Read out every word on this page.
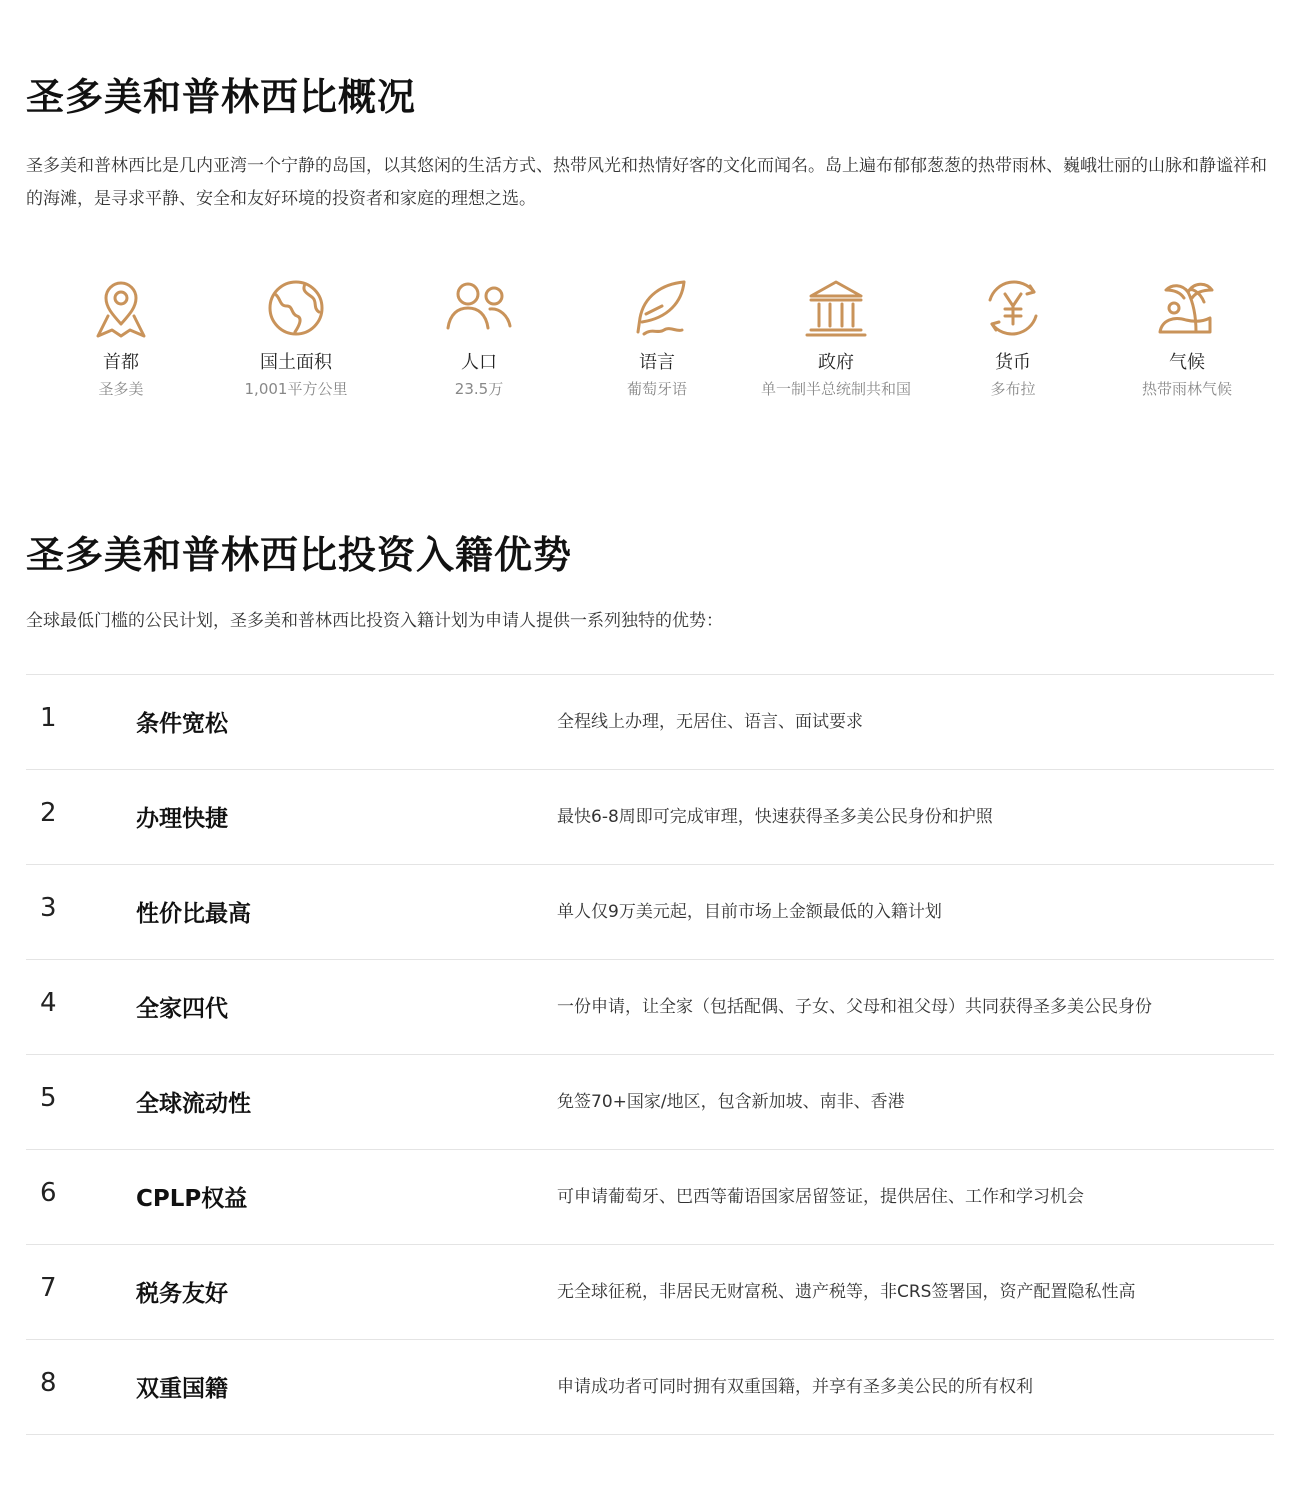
圣多美和普林西比概况

圣多美和普林西比是几内亚湾一个宁静的岛国，以其悠闲的生活方式、热带风光和热情好客的文化而闻名。岛上遍布郁郁葱葱的热带雨林、巍峨壮丽的山脉和静谧祥和的海滩，是寻求平静、安全和友好环境的投资者和家庭的理想之选。

首都
圣多美
国土面积
1,001平方公里
人口
23.5万
语言
葡萄牙语
政府
单一制半总统制共和国
货币
多布拉
气候
热带雨林气候
圣多美和普林西比投资入籍优势

全球最低门槛的公民计划，圣多美和普林西比投资入籍计划为申请人提供一系列独特的优势：

1	条件宽松	全程线上办理，无居住、语言、面试要求
2	办理快捷	最快6-8周即可完成审理，快速获得圣多美公民身份和护照
3	性价比最高	单人仅9万美元起，目前市场上金额最低的入籍计划
4	全家四代	一份申请，让全家（包括配偶、子女、父母和祖父母）共同获得圣多美公民身份
5	全球流动性	免签70+国家/地区，包含新加坡、南非、香港
6	CPLP权益	可申请葡萄牙、巴西等葡语国家居留签证，提供居住、工作和学习机会
7	税务友好	无全球征税，非居民无财富税、遗产税等，非CRS签署国，资产配置隐私性高
8	双重国籍	申请成功者可同时拥有双重国籍，并享有圣多美公民的所有权利
